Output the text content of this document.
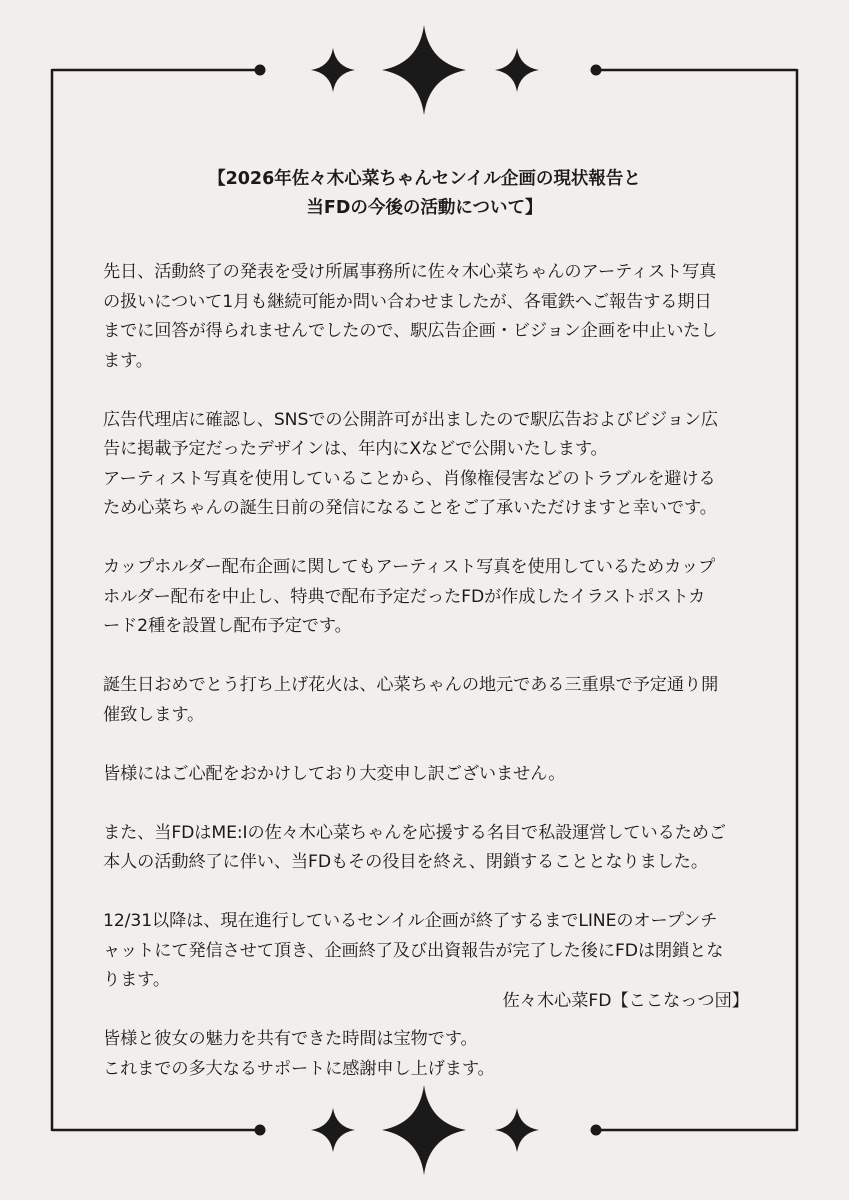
【2026年佐々木心菜ちゃんセンイル企画の現状報告と
当FDの今後の活動について】

先日、活動終了の発表を受け所属事務所に佐々木心菜ちゃんのアーティスト写真
の扱いについて1月も継続可能か問い合わせましたが、各電鉄へご報告する期日
までに回答が得られませんでしたので、駅広告企画・ビジョン企画を中止いたし
ます。

広告代理店に確認し、SNSでの公開許可が出ましたので駅広告およびビジョン広
告に掲載予定だったデザインは、年内にXなどで公開いたします。
アーティスト写真を使用していることから、肖像権侵害などのトラブルを避ける
ため心菜ちゃんの誕生日前の発信になることをご了承いただけますと幸いです。

カップホルダー配布企画に関してもアーティスト写真を使用しているためカップ
ホルダー配布を中止し、特典で配布予定だったFDが作成したイラストポストカ
ード2種を設置し配布予定です。

誕生日おめでとう打ち上げ花火は、心菜ちゃんの地元である三重県で予定通り開
催致します。

皆様にはご心配をおかけしており大変申し訳ございません。

また、当FDはME:Iの佐々木心菜ちゃんを応援する名目で私設運営しているためご
本人の活動終了に伴い、当FDもその役目を終え、閉鎖することとなりました。

12/31以降は、現在進行しているセンイル企画が終了するまでLINEのオープンチ
ャットにて発信させて頂き、企画終了及び出資報告が完了した後にFDは閉鎖とな
ります。

皆様と彼女の魅力を共有できた時間は宝物です。
これまでの多大なるサポートに感謝申し上げます。

佐々木心菜FD【ここなっつ団】
